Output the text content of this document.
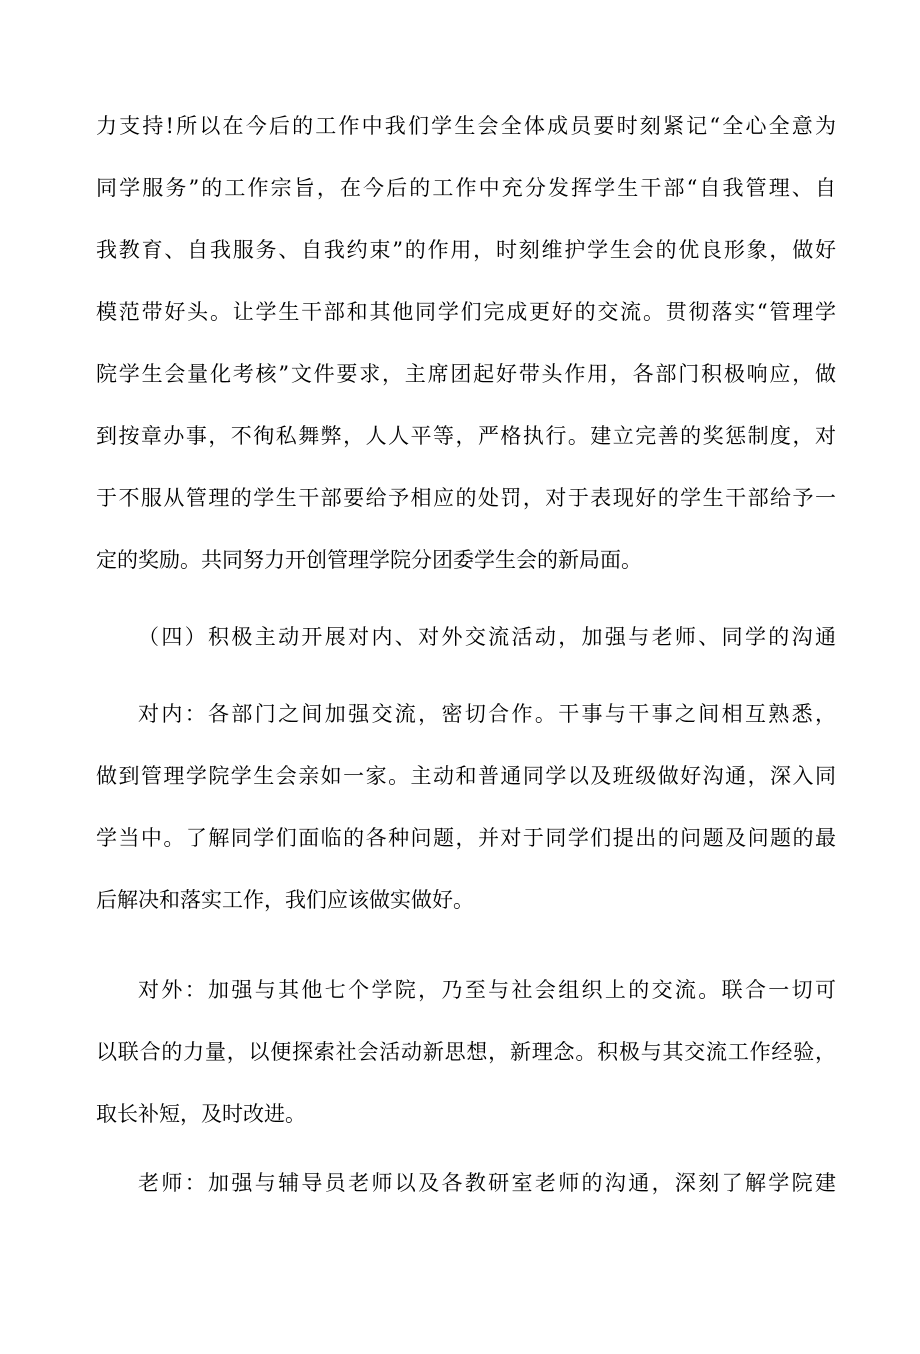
力支持!所以在今后的工作中我们学生会全体成员要时刻紧记“全心全意为
同学服务”的工作宗旨，在今后的工作中充分发挥学生干部“自我管理、自
我教育、自我服务、自我约束”的作用，时刻维护学生会的优良形象，做好
模范带好头。让学生干部和其他同学们完成更好的交流。贯彻落实“管理学
院学生会量化考核”文件要求，主席团起好带头作用，各部门积极响应，做
到按章办事，不徇私舞弊，人人平等，严格执行。建立完善的奖惩制度，对
于不服从管理的学生干部要给予相应的处罚，对于表现好的学生干部给予一
定的奖励。共同努力开创管理学院分团委学生会的新局面。
（四）积极主动开展对内、对外交流活动，加强与老师、同学的沟通
对内：各部门之间加强交流，密切合作。干事与干事之间相互熟悉，
做到管理学院学生会亲如一家。主动和普通同学以及班级做好沟通，深入同
学当中。了解同学们面临的各种问题，并对于同学们提出的问题及问题的最
后解决和落实工作，我们应该做实做好。
对外：加强与其他七个学院，乃至与社会组织上的交流。联合一切可
以联合的力量，以便探索社会活动新思想，新理念。积极与其交流工作经验，
取长补短，及时改进。
老师：加强与辅导员老师以及各教研室老师的沟通，深刻了解学院建
